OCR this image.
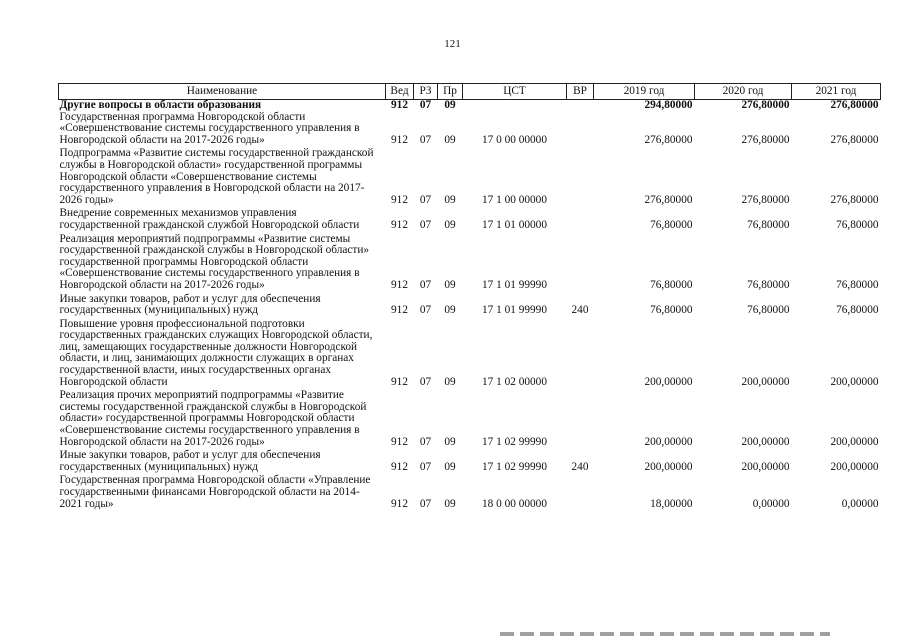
121
Наименование	Вед	РЗ	Пр	ЦСТ	ВР	2019 год	2020 год	2021 год
Другие вопросы в области образования	912	07	09			294,80000	276,80000	276,80000
Государственная программа Новгородской области «Совершенствование системы государственного управления в Новгородской области на 2017-2026 годы»	912	07	09	17 0 00 00000		276,80000	276,80000	276,80000
Подпрограмма «Развитие системы государственной гражданской службы в Новгородской области» государственной программы Новгородской области «Совершенствование системы государственного управления в Новгородской области на 2017-2026 годы»	912	07	09	17 1 00 00000		276,80000	276,80000	276,80000
Внедрение современных механизмов управления государственной гражданской службой Новгородской области	912	07	09	17 1 01 00000		76,80000	76,80000	76,80000
Реализация мероприятий подпрограммы «Развитие системы государственной гражданской службы в Новгородской области» государственной программы Новгородской области «Совершенствование системы государственного управления в Новгородской области на 2017-2026 годы»	912	07	09	17 1 01 99990		76,80000	76,80000	76,80000
Иные закупки товаров, работ и услуг для обеспечения государственных (муниципальных) нужд	912	07	09	17 1 01 99990	240	76,80000	76,80000	76,80000
Повышение уровня профессиональной подготовки государственных гражданских служащих Новгородской области, лиц, замещающих государственные должности Новгородской области, и лиц, занимающих должности служащих в органах государственной власти, иных государственных органах Новгородской области	912	07	09	17 1 02 00000		200,00000	200,00000	200,00000
Реализация прочих мероприятий подпрограммы «Развитие системы государственной гражданской службы в Новгородской области» государственной программы Новгородской области «Совершенствование системы государственного управления в Новгородской области на 2017-2026 годы»	912	07	09	17 1 02 99990		200,00000	200,00000	200,00000
Иные закупки товаров, работ и услуг для обеспечения государственных (муниципальных) нужд	912	07	09	17 1 02 99990	240	200,00000	200,00000	200,00000
Государственная программа Новгородской области «Управление государственными финансами Новгородской области на 2014-2021 годы»	912	07	09	18 0 00 00000		18,00000	0,00000	0,00000
